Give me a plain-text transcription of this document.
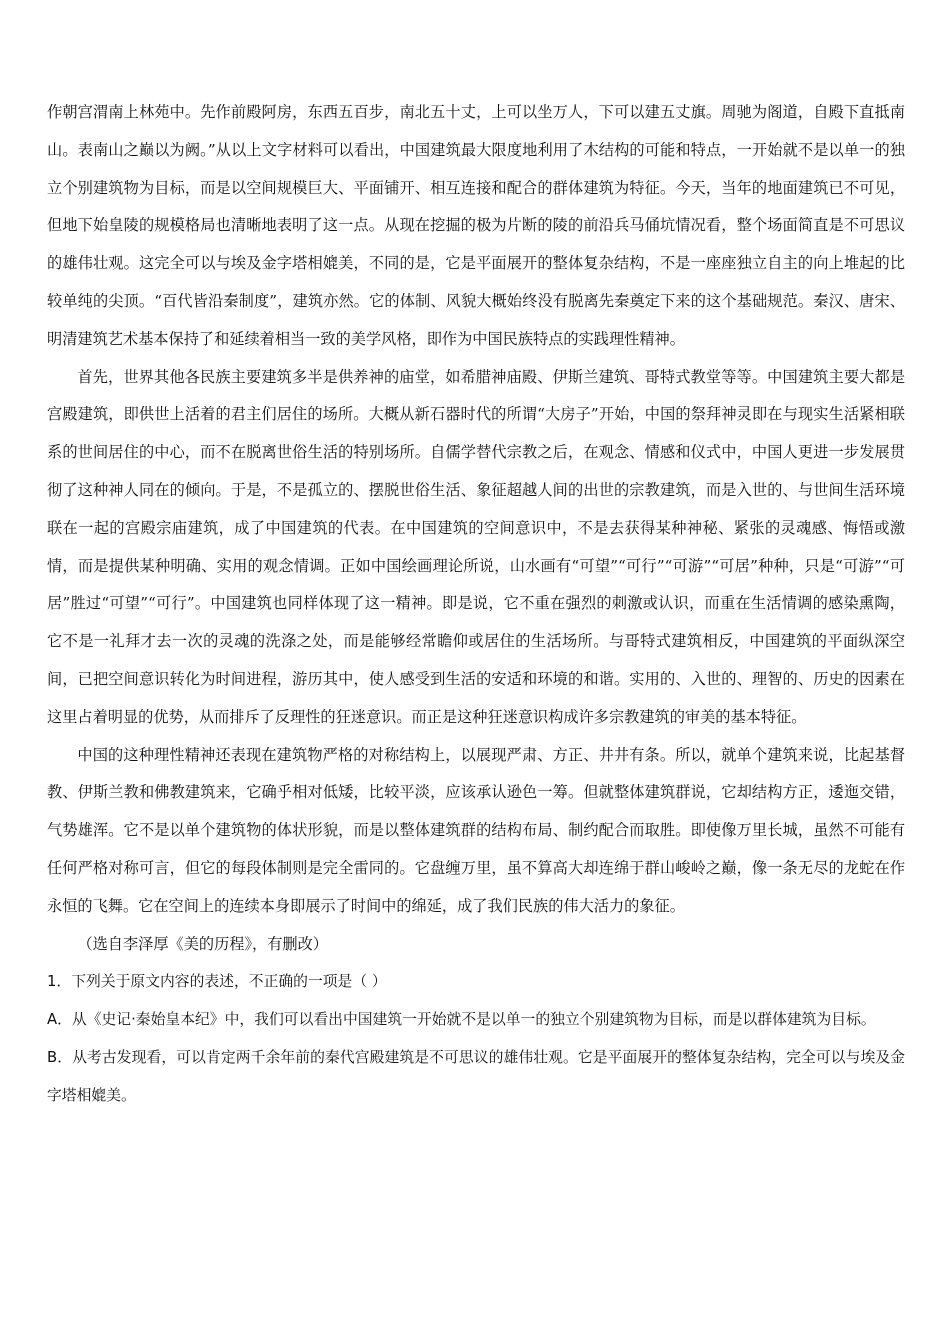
作朝宫渭南上林苑中。先作前殿阿房，东西五百步，南北五十丈，上可以坐万人，下可以建五丈旗。周驰为阁道，自殿下直抵南山。表南山之巅以为阙。”从以上文字材料可以看出，中国建筑最大限度地利用了木结构的可能和特点，一开始就不是以单一的独立个别建筑物为目标，而是以空间规模巨大、平面铺开、相互连接和配合的群体建筑为特征。今天，当年的地面建筑已不可见，但地下始皇陵的规模格局也清晰地表明了这一点。从现在挖掘的极为片断的陵的前沿兵马俑坑情况看，整个场面简直是不可思议的雄伟壮观。这完全可以与埃及金字塔相媲美，不同的是，它是平面展开的整体复杂结构，不是一座座独立自主的向上堆起的比较单纯的尖顶。“百代皆沿秦制度”，建筑亦然。它的体制、风貌大概始终没有脱离先秦奠定下来的这个基础规范。秦汉、唐宋、明清建筑艺术基本保持了和延续着相当一致的美学风格，即作为中国民族特点的实践理性精神。

首先，世界其他各民族主要建筑多半是供养神的庙堂，如希腊神庙殿、伊斯兰建筑、哥特式教堂等等。中国建筑主要大都是宫殿建筑，即供世上活着的君主们居住的场所。大概从新石器时代的所谓“大房子”开始，中国的祭拜神灵即在与现实生活紧相联系的世间居住的中心，而不在脱离世俗生活的特别场所。自儒学替代宗教之后，在观念、情感和仪式中，中国人更进一步发展贯彻了这种神人同在的倾向。于是，不是孤立的、摆脱世俗生活、象征超越人间的出世的宗教建筑，而是入世的、与世间生活环境联在一起的宫殿宗庙建筑，成了中国建筑的代表。在中国建筑的空间意识中，不是去获得某种神秘、紧张的灵魂感、悔悟或激情，而是提供某种明确、实用的观念情调。正如中国绘画理论所说，山水画有“可望”“可行”“可游”“可居”种种，只是“可游”“可居”胜过“可望”“可行”。中国建筑也同样体现了这一精神。即是说，它不重在强烈的刺激或认识，而重在生活情调的感染熏陶，它不是一礼拜才去一次的灵魂的洗涤之处，而是能够经常瞻仰或居住的生活场所。与哥特式建筑相反，中国建筑的平面纵深空间，已把空间意识转化为时间进程，游历其中，使人感受到生活的安适和环境的和谐。实用的、入世的、理智的、历史的因素在这里占着明显的优势，从而排斥了反理性的狂迷意识。而正是这种狂迷意识构成许多宗教建筑的审美的基本特征。

中国的这种理性精神还表现在建筑物严格的对称结构上，以展现严肃、方正、井井有条。所以，就单个建筑来说，比起基督教、伊斯兰教和佛教建筑来，它确乎相对低矮，比较平淡，应该承认逊色一筹。但就整体建筑群说，它却结构方正，逶迤交错，气势雄浑。它不是以单个建筑物的体状形貌，而是以整体建筑群的结构布局、制约配合而取胜。即使像万里长城，虽然不可能有任何严格对称可言，但它的每段体制则是完全雷同的。它盘缠万里，虽不算高大却连绵于群山峻岭之巅，像一条无尽的龙蛇在作永恒的飞舞。它在空间上的连续本身即展示了时间中的绵延，成了我们民族的伟大活力的象征。

（选自李泽厚《美的历程》，有删改）

1．下列关于原文内容的表述，不正确的一项是（ ）

A．从《史记·秦始皇本纪》中，我们可以看出中国建筑一开始就不是以单一的独立个别建筑物为目标，而是以群体建筑为目标。

B．从考古发现看，可以肯定两千余年前的秦代宫殿建筑是不可思议的雄伟壮观。它是平面展开的整体复杂结构，完全可以与埃及金字塔相媲美。
